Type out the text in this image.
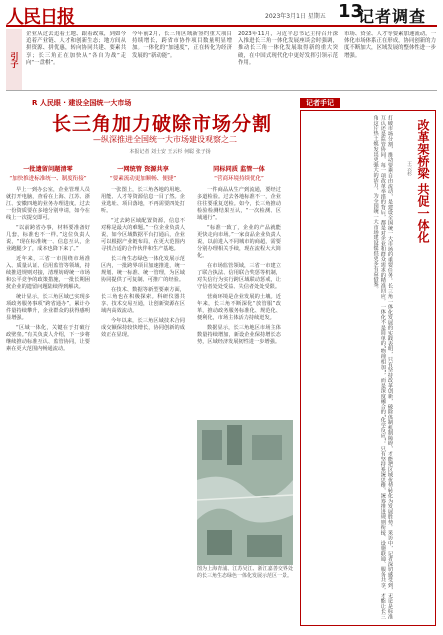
人民日报	2023年3月1日 星期五 13
记者调查
引子
企业从过去追着土地、跟着政策，到如今追着产业链、人才和创新生态；地方间从拼资源、拼优惠，转向协同共建、要素共享；长三角正在加快从“各自为战”走向“一盘棋”。
今年前2月，长三角区域新签约重大项目持续增长，跨省市协作项目数量明显增加。一体化的“加速度”，正在转化为经济发展的“新动能”。
2023年11月，习近平总书记主持召开深入推进长三角一体化发展座谈会时强调，推动长三角一体化发展取得新的重大突破，在中国式现代化中更好发挥引领示范作用。
市场、资金、人才等要素加速流动，一体化市场体系正在形成，协同创新的力度不断加大，区域发展的整体性进一步增强。
R 人民眼 · 建设全国统一大市场
长三角加力破除市场分割
—纵深推进全国统一大市场建设观察之二
本报记者 刘士安 王云杉 何聪 张子扬
一批遗留问题清零
“加快推进标准统一、制度衔接”

早上一到办公室，企业管理人员就打开电脑，查看在上海、江苏、浙江、安徽四地的业务办理进度。过去一份资质要在多地分别申请，如今在线上一次提交即可。

“以前跨省办事，材料要准备好几套，标准也不一样。”这位负责人说，“现在标准统一、信息互认，企业跑腿少了，成本也降下来了。”

近年来，三省一市围绕市场准入、质量认证、信用监管等领域，持续推进规则对接，清理妨碍统一市场和公平竞争的政策措施，一批长期困扰企业的遗留问题陆续得到解决。

统计显示，长三角区域已实现多项政务服务事项“跨省通办”，累计办件量持续攀升，企业群众的获得感明显增强。

“区域一体化，关键在于打破行政壁垒。”有关负责人介绍，下一步将继续推动标准互认、监管协同，让要素在更大范围内畅通流动。

一网统管 资源共享
“要素流动更加顺畅、便捷”

一张图上，长三角各地的用地、用能、人才等资源信息一目了然。企业选址、项目落地，不再需要四处打听。

“过去跨区域配置资源，信息不对称是最大的难题。”一位企业负责人说，如今区域数据平台打通后，企业可以根据产业链布局，在更大范围内寻找合适的合作伙伴和生产基地。

长三角生态绿色一体化发展示范区内，一批跨界项目加速推进，统一规划、统一标准、统一管理，为区域协同提供了可复制、可推广的经验。

在技术、数据等新型要素方面，长三角也在积极探索。科研仪器共享、技术交易互通，让创新资源在区域内高效流动。

今年以来，长三角区域技术合同成交额保持较快增长，协同创新的成效正在显现。

同标同质 监管一体
“营商环境持续优化”

一件商品从生产到流通，要经过多道检验。过去各地标准不一，企业往往要重复送检。如今，长三角推动检验检测结果互认，“一次检测、区域通行”。

“标准一致了，企业的产品就能更快走向市场。”一家食品企业负责人说，以前进入不同城市的商超，需要分别办理相关手续，现在流程大大简化。

在市场监管领域，三省一市建立了联合执法、信用联合奖惩等机制，对失信行为实行跨区域联动惩戒，让守信者处处受益、失信者处处受限。

营商环境是企业发展的土壤。近年来，长三角不断深化“放管服”改革，推动政务服务标准化、规范化、便利化，市场主体活力持续迸发。

数据显示，长三角地区市场主体数量持续增加，新设企业保持增长态势，区域经济发展韧性进一步增强。

图为上海青浦、江苏吴江、浙江嘉善交界处的长三角生态绿色一体化发展示范区一景。
记者手记
改革架桥梁 共促一体化
王云杉
打破市场分割，推动要素自由流动，是建设全国统一大市场的重要任务。长三角一体化发展的实践表明，只有坚持改革创新，破除体制机制障碍，才能把区域优势转化为发展胜势。采访中，记者深切感受到，无论是标准互认还是监管协同，每一项改革举措的背后，都是对企业和群众需求的精准回应。一体化不是简单的“物理相加”，而是深度融合的“化学反应”。只有坚持系统思维，统筹推进规则衔接、设施联通、服务共享，才能让长三角这片热土焕发出更强大的活力，为全国统一大市场建设提供更多有益借鉴。
